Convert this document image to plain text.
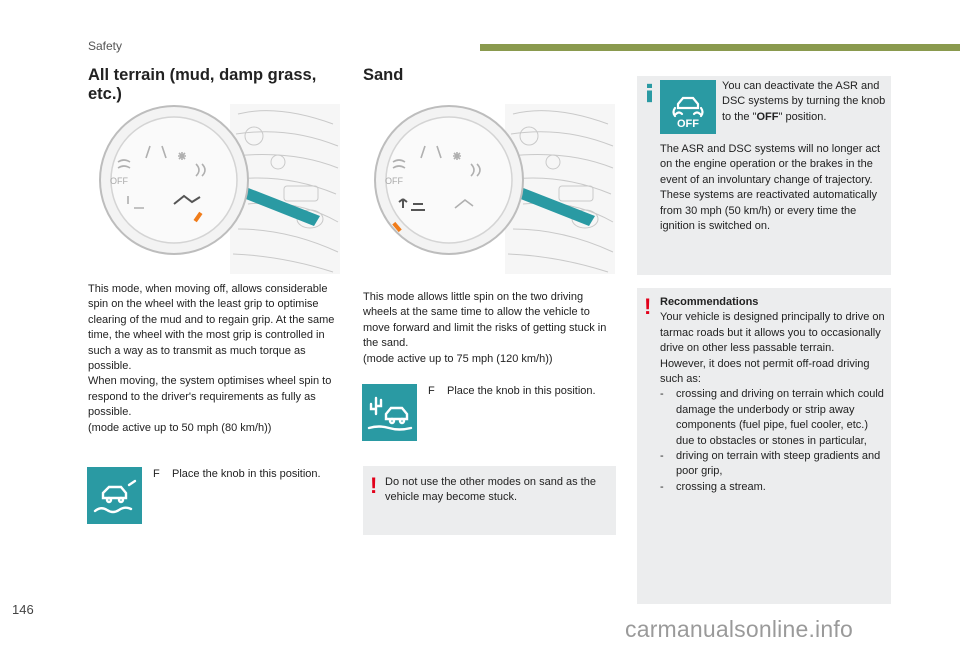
Safety
All terrain (mud, damp grass, etc.)
OFF
This mode, when moving off, allows considerable spin on the wheel with the least grip to optimise clearing of the mud and to regain grip. At the same time, the wheel with the most grip is controlled in such a way as to transmit as much torque as possible.
When moving, the system optimises wheel spin to respond to the driver's requirements as fully as possible.
(mode active up to 50 mph (80 km/h))
F Place the knob in this position.
Sand
OFF
This mode allows little spin on the two driving wheels at the same time to allow the vehicle to move forward and limit the risks of getting stuck in the sand.
(mode active up to 75 mph (120 km/h))
F Place the knob in this position.
! Do not use the other modes on sand as the vehicle may become stuck.
OFF
You can deactivate the ASR and DSC systems by turning the knob to the "OFF" position.
The ASR and DSC systems will no longer act on the engine operation or the brakes in the event of an involuntary change of trajectory.
These systems are reactivated automatically from 30 mph (50 km/h) or every time the ignition is switched on.
! Recommendations
Your vehicle is designed principally to drive on tarmac roads but it allows you to occasionally drive on other less passable terrain.
However, it does not permit off-road driving such as:
-	crossing and driving on terrain which could damage the underbody or strip away components (fuel pipe, fuel cooler, etc.) due to obstacles or stones in particular,
-	driving on terrain with steep gradients and poor grip,
-	crossing a stream.
146
carmanualsonline.info
